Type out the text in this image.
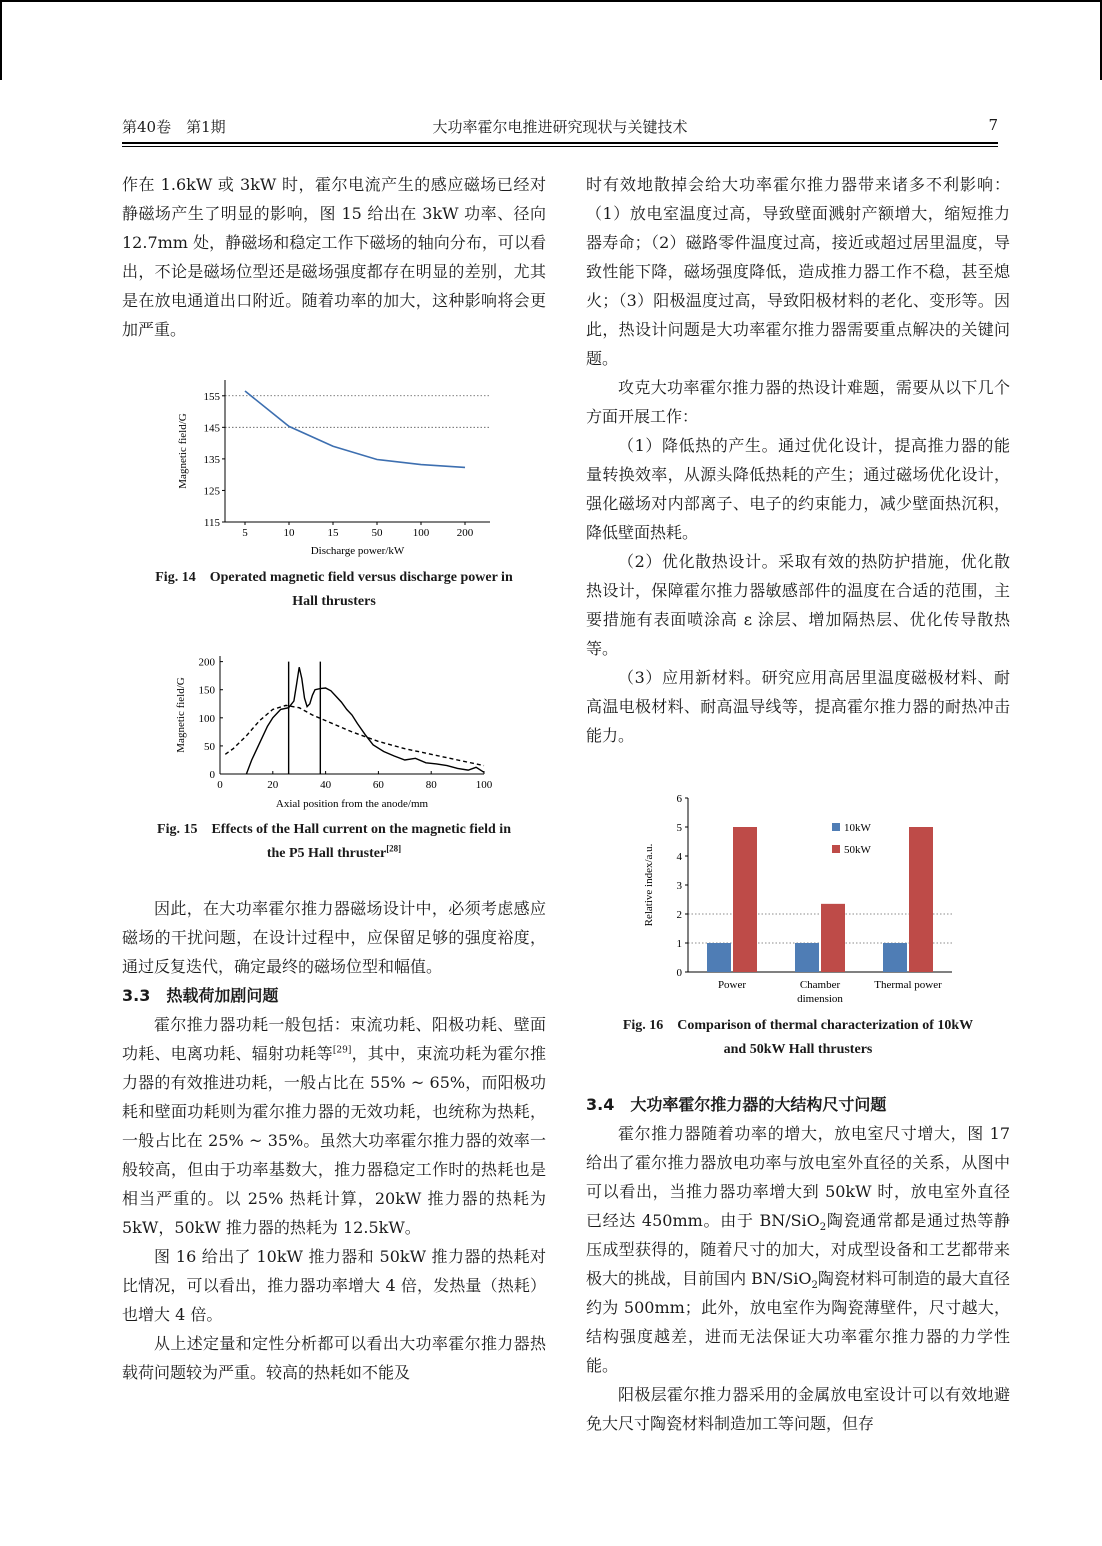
第40卷　第1期	大功率霍尔电推进研究现状与关键技术	7

作在 1.6kW 或 3kW 时，霍尔电流产生的感应磁场已经对静磁场产生了明显的影响，图 15 给出在 3kW 功率、径向 12.7mm 处，静磁场和稳定工作下磁场的轴向分布，可以看出，不论是磁场位型还是磁场强度都存在明显的差别，尤其是在放电通道出口附近。随着功率的加大，这种影响将会更加严重。

115
125
135
145
155
5	10	15	50	100	200
Discharge power/kW
Magnetic field/G
Fig. 14　Operated magnetic field versus discharge power in
Hall thrusters
0
50
100
150
200
0	20	40	60	80	100
Axial position from the anode/mm
Magnetic field/G
Fig. 15　Effects of the Hall current on the magnetic field in
the P5 Hall thruster[28]

因此，在大功率霍尔推力器磁场设计中，必须考虑感应磁场的干扰问题，在设计过程中，应保留足够的强度裕度，通过反复迭代，确定最终的磁场位型和幅值。

3.3　热载荷加剧问题

霍尔推力器功耗一般包括：束流功耗、阳极功耗、壁面功耗、电离功耗、辐射功耗等[29]，其中，束流功耗为霍尔推力器的有效推进功耗，一般占比在 55% ~ 65%，而阳极功耗和壁面功耗则为霍尔推力器的无效功耗，也统称为热耗，一般占比在 25% ~ 35%。虽然大功率霍尔推力器的效率一般较高，但由于功率基数大，推力器稳定工作时的热耗也是相当严重的。以 25% 热耗计算，20kW 推力器的热耗为 5kW，50kW 推力器的热耗为 12.5kW。

图 16 给出了 10kW 推力器和 50kW 推力器的热耗对比情况，可以看出，推力器功率增大 4 倍，发热量（热耗）也增大 4 倍。

从上述定量和定性分析都可以看出大功率霍尔推力器热载荷问题较为严重。较高的热耗如不能及

时有效地散掉会给大功率霍尔推力器带来诸多不利影响：（1）放电室温度过高，导致壁面溅射产额增大，缩短推力器寿命；（2）磁路零件温度过高，接近或超过居里温度，导致性能下降，磁场强度降低，造成推力器工作不稳，甚至熄火；（3）阳极温度过高，导致阳极材料的老化、变形等。因此，热设计问题是大功率霍尔推力器需要重点解决的关键问题。

攻克大功率霍尔推力器的热设计难题，需要从以下几个方面开展工作：

（1）降低热的产生。通过优化设计，提高推力器的能量转换效率，从源头降低热耗的产生；通过磁场优化设计，强化磁场对内部离子、电子的约束能力，减少壁面热沉积，降低壁面热耗。

（2）优化散热设计。采取有效的热防护措施，优化散热设计，保障霍尔推力器敏感部件的温度在合适的范围，主要措施有表面喷涂高 ε 涂层、增加隔热层、优化传导散热等。

（3）应用新材料。研究应用高居里温度磁极材料、耐高温电极材料、耐高温导线等，提高霍尔推力器的耐热冲击能力。

0
1
2
3
4
5
6
Power	Chamber
dimension
Thermal power
10kW
50kW
Relative index/a.u.
Fig. 16　Comparison of thermal characterization of 10kW
and 50kW Hall thrusters

3.4　大功率霍尔推力器的大结构尺寸问题

霍尔推力器随着功率的增大，放电室尺寸增大，图 17 给出了霍尔推力器放电功率与放电室外直径的关系，从图中可以看出，当推力器功率增大到 50kW 时，放电室外直径已经达 450mm。由于 BN/SiO$_2$陶瓷通常都是通过热等静压成型获得的，随着尺寸的加大，对成型设备和工艺都带来极大的挑战，目前国内 BN/SiO$_2$陶瓷材料可制造的最大直径约为 500mm；此外，放电室作为陶瓷薄壁件，尺寸越大，结构强度越差，进而无法保证大功率霍尔推力器的力学性能。

阳极层霍尔推力器采用的金属放电室设计可以有效地避免大尺寸陶瓷材料制造加工等问题，但存
